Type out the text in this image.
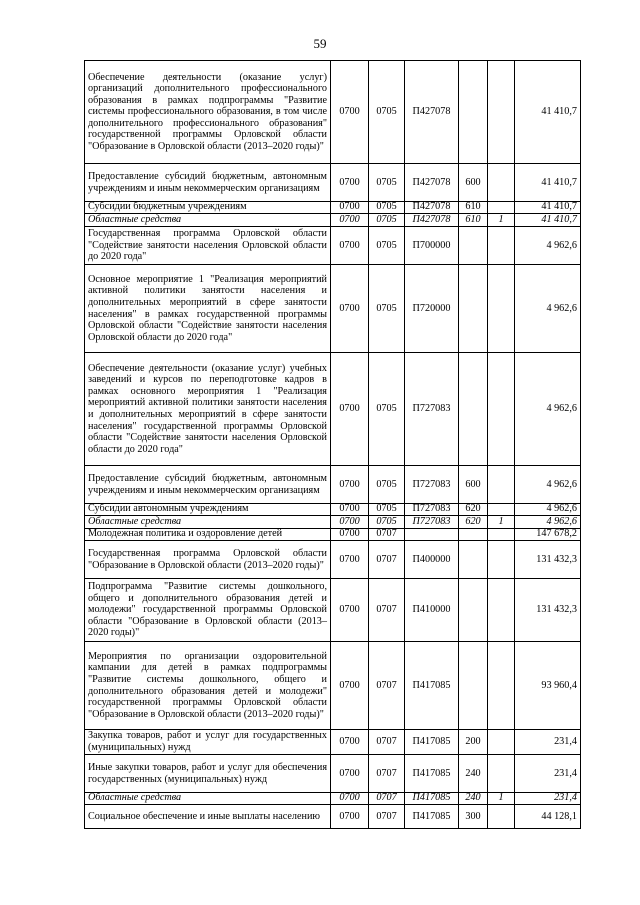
59
Обеспечение деятельности (оказание услуг) организаций дополнительного профессионального образования в рамках подпрограммы "Развитие системы профессионального образования, в том числе дополнительного профессионального образования" государственной программы Орловской области "Образование в Орловской области (2013–2020 годы)"	0700	0705	П427078			41 410,7
Предоставление субсидий бюджетным, автономным учреждениям и иным некоммерческим организациям	0700	0705	П427078	600		41 410,7
Субсидии бюджетным учреждениям	0700	0705	П427078	610		41 410,7
Областные средства	0700	0705	П427078	610	1	41 410,7
Государственная программа Орловской области "Содействие занятости населения Орловской области до 2020 года"	0700	0705	П700000			4 962,6
Основное мероприятие 1 "Реализация мероприятий активной политики занятости населения и дополнительных мероприятий в сфере занятости населения" в рамках государственной программы Орловской области "Содействие занятости населения Орловской области до 2020 года"	0700	0705	П720000			4 962,6
Обеспечение деятельности (оказание услуг) учебных заведений и курсов по переподготовке кадров в рамках основного мероприятия 1 "Реализация мероприятий активной политики занятости населения и дополнительных мероприятий в сфере занятости населения" государственной программы Орловской области "Содействие занятости населения Орловской области до 2020 года"	0700	0705	П727083			4 962,6
Предоставление субсидий бюджетным, автономным учреждениям и иным некоммерческим организациям	0700	0705	П727083	600		4 962,6
Субсидии автономным учреждениям	0700	0705	П727083	620		4 962,6
Областные средства	0700	0705	П727083	620	1	4 962,6
Молодежная политика и оздоровление детей	0700	0707				147 678,2
Государственная программа Орловской области "Образование в Орловской области (2013–2020 годы)"	0700	0707	П400000			131 432,3
Подпрограмма "Развитие системы дошкольного, общего и дополнительного образования детей и молодежи" государственной программы Орловской области "Образование в Орловской области (2013–2020 годы)"	0700	0707	П410000			131 432,3
Мероприятия по организации оздоровительной кампании для детей в рамках подпрограммы "Развитие системы дошкольного, общего и дополнительного образования детей и молодежи" государственной программы Орловской области "Образование в Орловской области (2013–2020 годы)"	0700	0707	П417085			93 960,4
Закупка товаров, работ и услуг для государственных (муниципальных) нужд	0700	0707	П417085	200		231,4
Иные закупки товаров, работ и услуг для обеспечения государственных (муниципальных) нужд	0700	0707	П417085	240		231,4
Областные средства	0700	0707	П417085	240	1	231,4
Социальное обеспечение и иные выплаты населению	0700	0707	П417085	300		44 128,1
